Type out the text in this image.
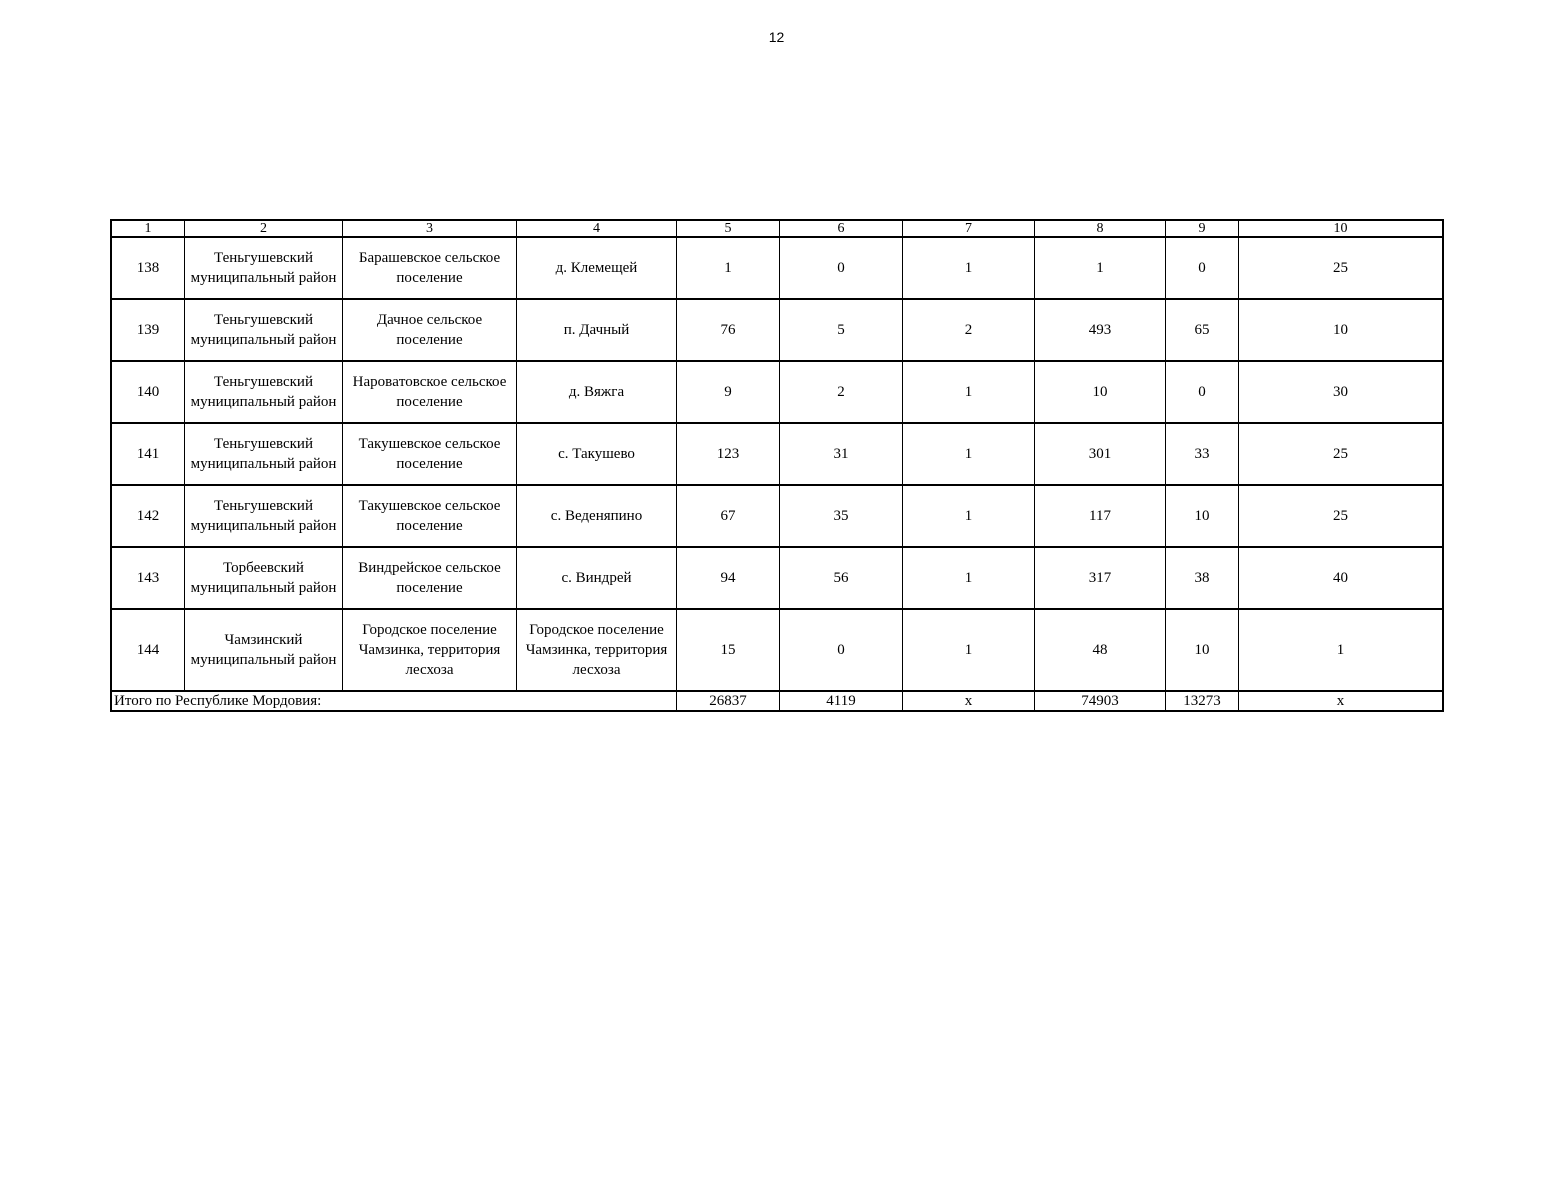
12
1	2	3	4	5	6	7	8	9	10
138	Теньгушевский муниципальный район	Барашевское сельское поселение	д. Клемещей	1	0	1	1	0	25
139	Теньгушевский муниципальный район	Дачное сельское поселение	п. Дачный	76	5	2	493	65	10
140	Теньгушевский муниципальный район	Наровaтовское сельское поселение	д. Вяжга	9	2	1	10	0	30
141	Теньгушевский муниципальный район	Такушевское сельское поселение	с. Такушево	123	31	1	301	33	25
142	Теньгушевский муниципальный район	Такушевское сельское поселение	с. Веденяпино	67	35	1	117	10	25
143	Торбеевский муниципальный район	Виндрейское сельское поселение	с. Виндрей	94	56	1	317	38	40
144	Чамзинский муниципальный район	Городское поселение Чамзинка, территория лесхоза	Городское поселение Чамзинка, территория лесхоза	15	0	1	48	10	1
Итого по Республике Мордовия:				26837	4119	х	74903	13273	х
